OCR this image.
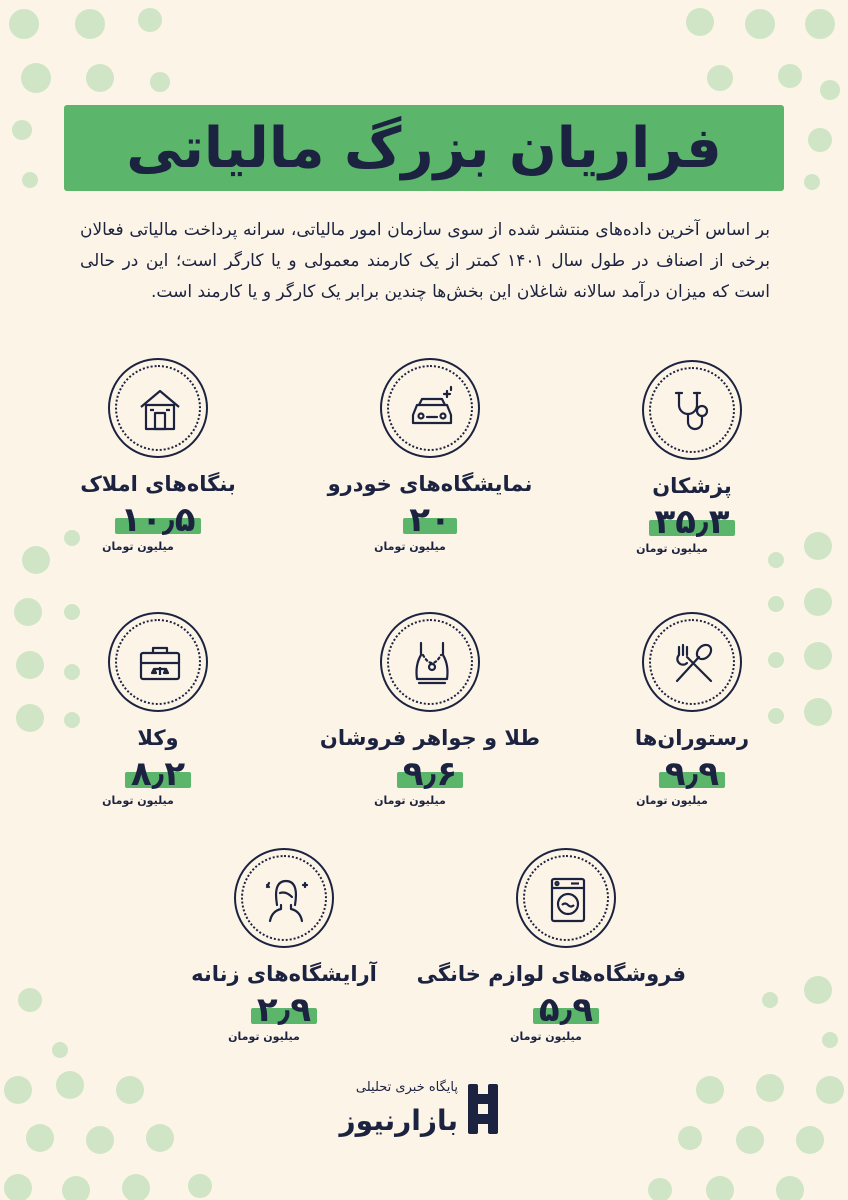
فراریان بزرگ مالیاتی
بر اساس آخرین داده‌های منتشر شده از سوی سازمان امور مالیاتی، سرانه پرداخت مالیاتی فعالان برخی از اصناف در طول سال ۱۴۰۱ کمتر از یک کارمند معمولی و یا کارگر است؛ این در حالی است که میزان درآمد سالانه شاغلان این بخش‌ها چندین برابر یک کارگر و یا کارمند است.
پزشکان
۳۵٫۳
میلیون تومان
نمایشگاه‌های خودرو
۲۰
میلیون تومان
بنگاه‌های املاک
۱۰٫۵
میلیون تومان
رستوران‌ها
۹٫۹
میلیون تومان
طلا و جواهر فروشان
۹٫۶
میلیون تومان
وکلا
۸٫۲
میلیون تومان
فروشگاه‌های لوازم خانگی
۵٫۹
میلیون تومان
آرایشگاه‌های زنانه
۲٫۹
میلیون تومان
پایگاه خبری تحلیلی
بازارنیوز
